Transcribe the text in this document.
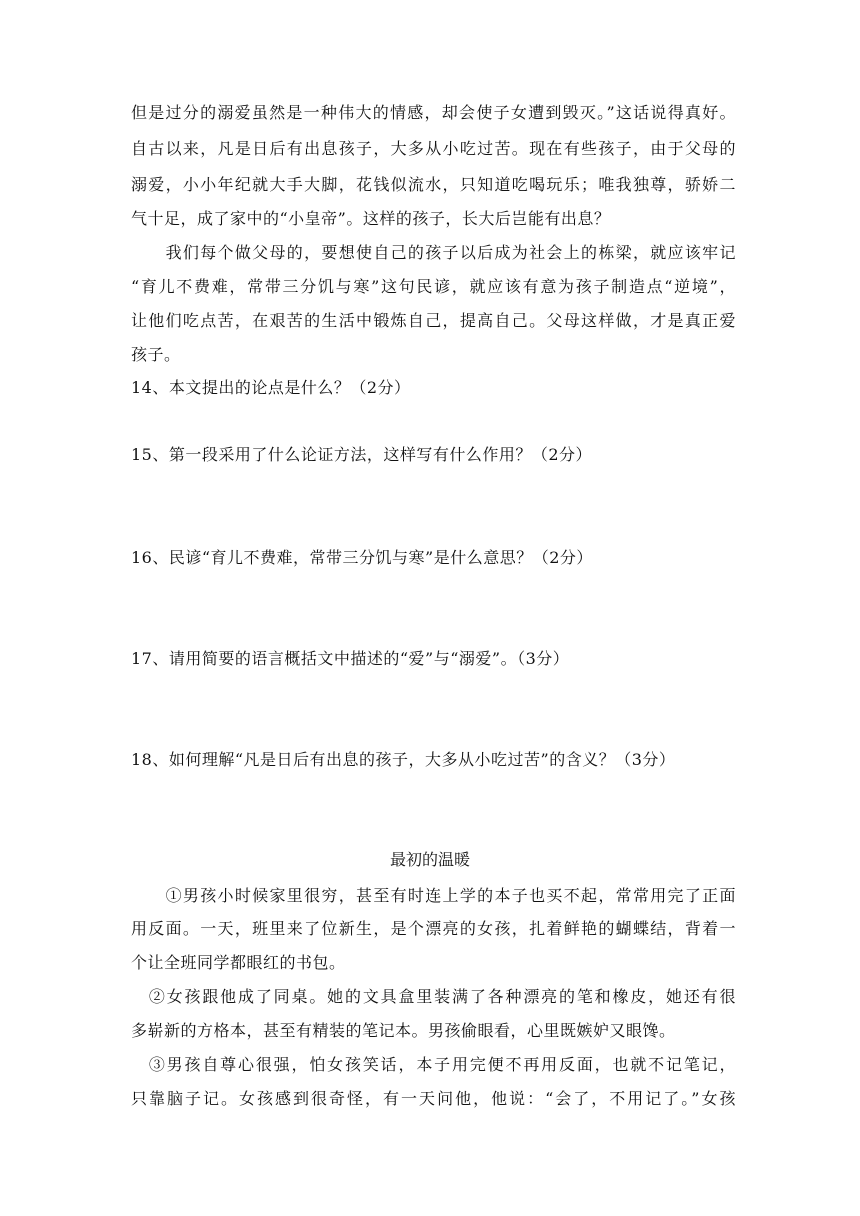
但是过分的溺爱虽然是一种伟大的情感，却会使子女遭到毁灭。”这话说得真好。
自古以来，凡是日后有出息孩子，大多从小吃过苦。现在有些孩子，由于父母的
溺爱，小小年纪就大手大脚，花钱似流水，只知道吃喝玩乐；唯我独尊，骄娇二
气十足，成了家中的“小皇帝”。这样的孩子，长大后岂能有出息？
　　我们每个做父母的，要想使自己的孩子以后成为社会上的栋梁，就应该牢记
“育儿不费难，常带三分饥与寒”这句民谚，就应该有意为孩子制造点“逆境”，
让他们吃点苦，在艰苦的生活中锻炼自己，提高自己。父母这样做，才是真正爱
孩子。
14、本文提出的论点是什么？（2分）
15、第一段采用了什么论证方法，这样写有什么作用？（2分）
16、民谚“育儿不费难，常带三分饥与寒”是什么意思？（2分）
17、请用简要的语言概括文中描述的“爱”与“溺爱”。（3分）
18、如何理解“凡是日后有出息的孩子，大多从小吃过苦”的含义？（3分）
最初的温暖
　　①男孩小时候家里很穷，甚至有时连上学的本子也买不起，常常用完了正面
用反面。一天，班里来了位新生，是个漂亮的女孩，扎着鲜艳的蝴蝶结，背着一
个让全班同学都眼红的书包。
　②女孩跟他成了同桌。她的文具盒里装满了各种漂亮的笔和橡皮，她还有很
多崭新的方格本，甚至有精装的笔记本。男孩偷眼看，心里既嫉妒又眼馋。
　③男孩自尊心很强，怕女孩笑话，本子用完便不再用反面，也就不记笔记，
只靠脑子记。女孩感到很奇怪，有一天问他，他说：“会了，不用记了。”女孩
